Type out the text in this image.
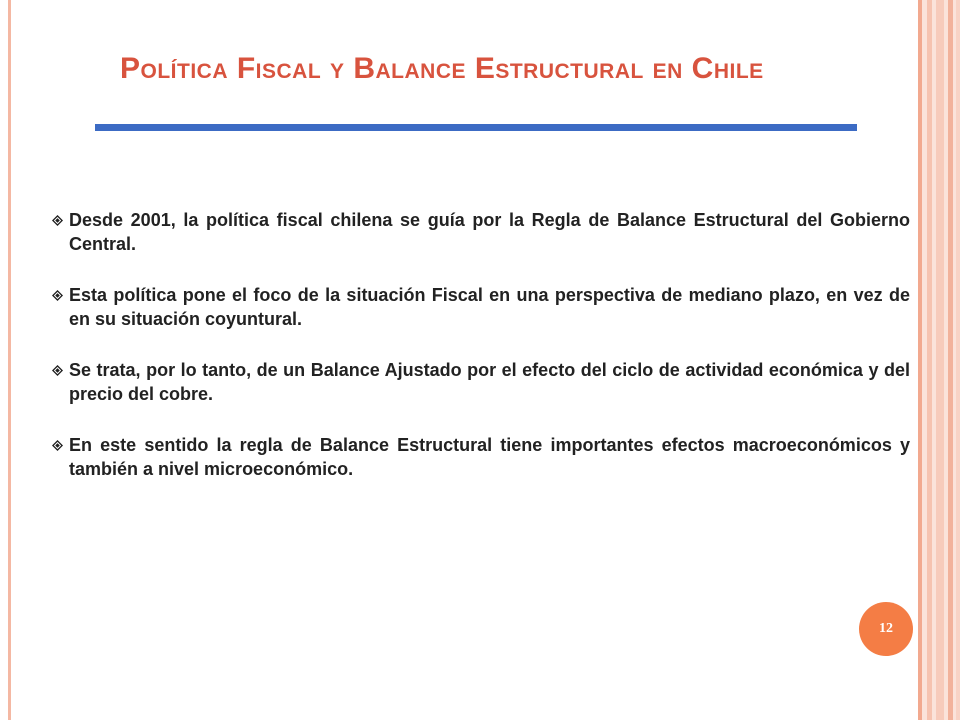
Política Fiscal y Balance Estructural en Chile
Desde 2001, la política fiscal chilena se guía por la Regla de Balance Estructural del Gobierno Central.
Esta política pone el foco de la situación Fiscal en una perspectiva de mediano plazo, en vez de en su situación coyuntural.
Se trata, por lo tanto, de un Balance Ajustado por el efecto del ciclo de actividad económica y del precio del cobre.
En este sentido la regla de Balance Estructural tiene importantes efectos macroeconómicos y también a nivel microeconómico.
12
